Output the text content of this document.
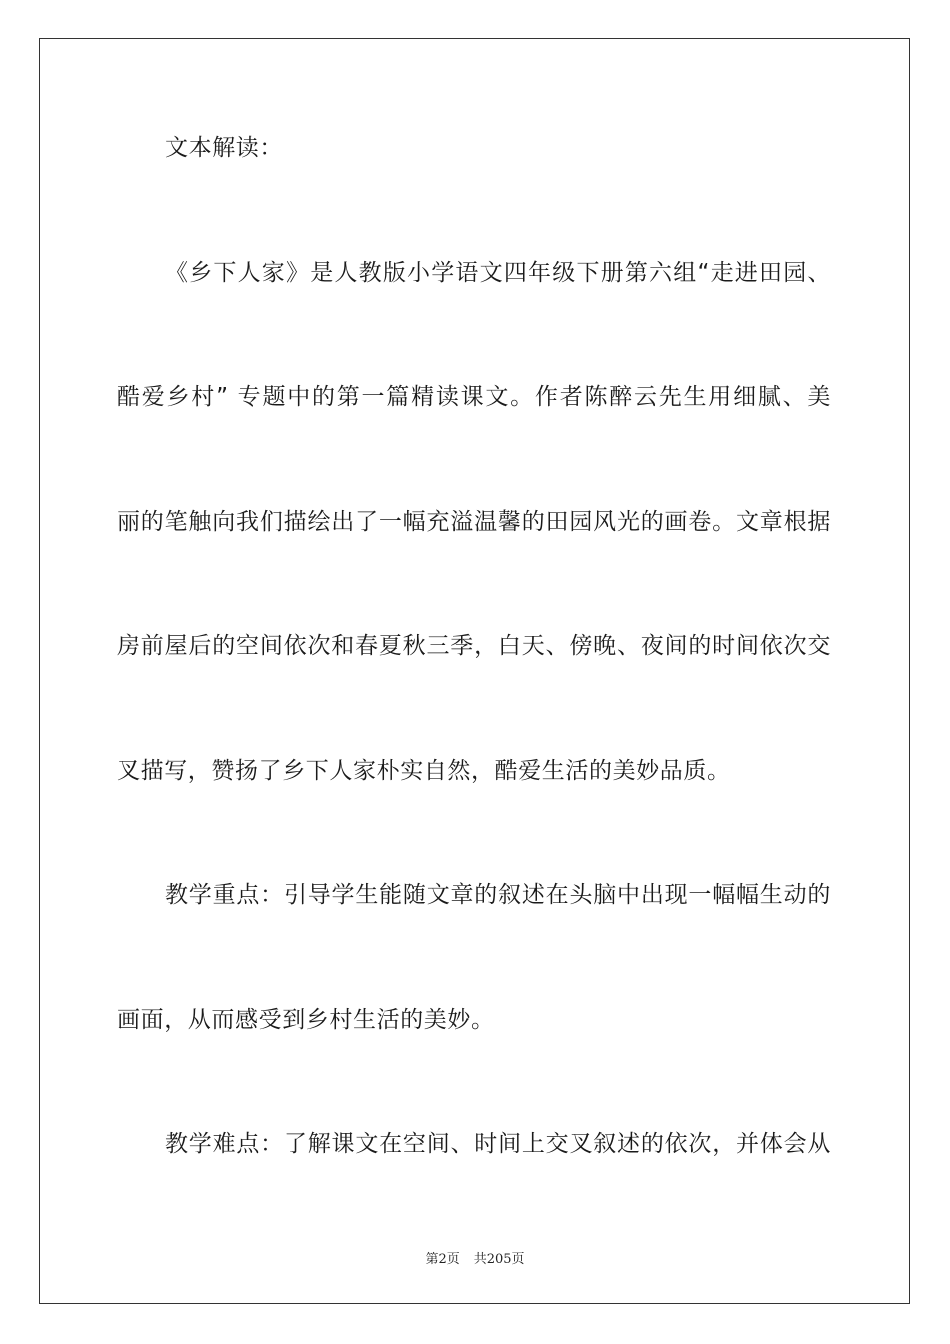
文本解读：
《乡下人家》是人教版小学语文四年级下册第六组“走进田园、
酷爱乡村” 专题中的第一篇精读课文。作者陈醉云先生用细腻、美
丽的笔触向我们描绘出了一幅充溢温馨的田园风光的画卷。文章根据
房前屋后的空间依次和春夏秋三季，白天、傍晚、夜间的时间依次交
叉描写，赞扬了乡下人家朴实自然，酷爱生活的美妙品质。
教学重点：引导学生能随文章的叙述在头脑中出现一幅幅生动的
画面，从而感受到乡村生活的美妙。
教学难点：了解课文在空间、时间上交叉叙述的依次，并体会从
第2页 共205页
